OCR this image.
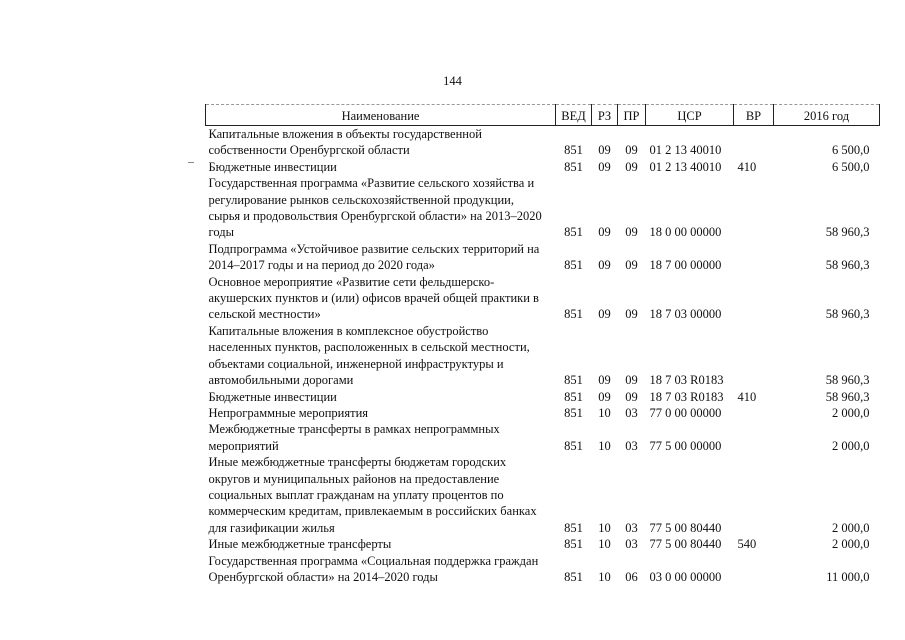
144
Наименование	ВЕД	РЗ	ПР	ЦСР	ВР	2016 год
Капитальные вложения в объекты государственной собственности Оренбургской области	851	09	09	01 2 13 40010		6 500,0
Бюджетные инвестиции	851	09	09	01 2 13 40010	410	6 500,0
Государственная программа «Развитие сельского хозяйства и регулирование рынков сельскохозяйственной продукции, сырья и продовольствия Оренбургской области» на 2013–2020 годы	851	09	09	18 0 00 00000		58 960,3
Подпрограмма «Устойчивое развитие сельских территорий на 2014–2017 годы и на период до 2020 года»	851	09	09	18 7 00 00000		58 960,3
Основное мероприятие «Развитие сети фельдшерско-акушерских пунктов и (или) офисов врачей общей практики в сельской местности»	851	09	09	18 7 03 00000		58 960,3
Капитальные вложения в комплексное обустройство населенных пунктов, расположенных в сельской местности, объектами социальной, инженерной инфраструктуры и автомобильными дорогами	851	09	09	18 7 03 R0183		58 960,3
Бюджетные инвестиции	851	09	09	18 7 03 R0183	410	58 960,3
Непрограммные мероприятия	851	10	03	77 0 00 00000		2 000,0
Межбюджетные трансферты в рамках непрограммных мероприятий	851	10	03	77 5 00 00000		2 000,0
Иные межбюджетные трансферты бюджетам городских округов и муниципальных районов на предоставление социальных выплат гражданам на уплату процентов по коммерческим кредитам, привлекаемым в российских банках для газификации жилья	851	10	03	77 5 00 80440		2 000,0
Иные межбюджетные трансферты	851	10	03	77 5 00 80440	540	2 000,0
Государственная программа «Социальная поддержка граждан Оренбургской области» на 2014–2020 годы	851	10	06	03 0 00 00000		11 000,0
